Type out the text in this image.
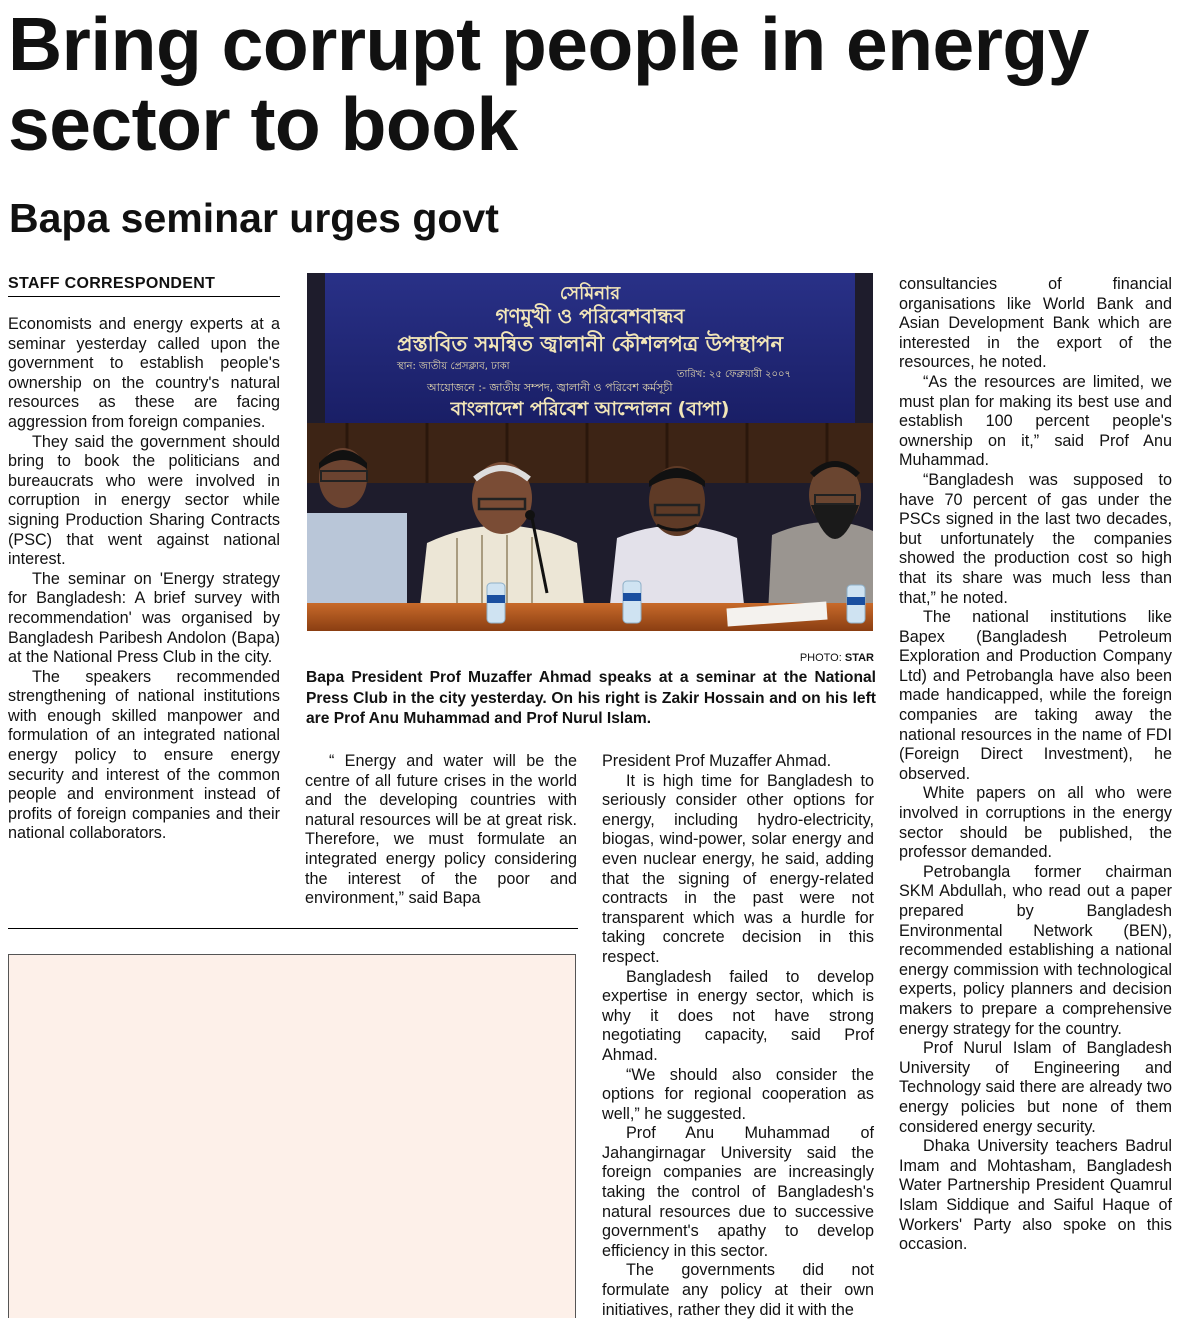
Bring corrupt people in energy sector to book
Bapa seminar urges govt
STAFF CORRESPONDENT

Economists and energy experts at a seminar yesterday called upon the government to establish people's ownership on the country's natural resources as these are facing aggression from foreign companies.

They said the government should bring to book the politicians and bureaucrats who were involved in corruption in energy sector while signing Production Sharing Contracts (PSC) that went against national interest.

The seminar on 'Energy strategy for Bangladesh: A brief survey with recommendation' was organised by Bangladesh Paribesh Andolon (Bapa) at the National Press Club in the city.

The speakers recommended strengthening of national institutions with enough skilled manpower and formulation of an integrated national energy policy to ensure energy security and interest of the common people and environment instead of profits of foreign companies and their national collaborators.

সেমিনার
গণমুখী ও পরিবেশবান্ধব
প্রস্তাবিত সমন্বিত জ্বালানী কৌশলপত্র উপস্থাপন
স্থান: জাতীয় প্রেসক্লাব, ঢাকা
তারিখ: ২৫ ফেব্রুয়ারী ২০০৭
আয়োজনে :- জাতীয় সম্পদ, জ্বালানী ও পরিবেশ কর্মসূচী
বাংলাদেশ পরিবেশ আন্দোলন (বাপা)
PHOTO: STAR
Bapa President Prof Muzaffer Ahmad speaks at a seminar at the National Press Club in the city yesterday. On his right is Zakir Hossain and on his left are Prof Anu Muhammad and Prof Nurul Islam.

“ Energy and water will be the centre of all future crises in the world and the developing countries with natural resources will be at great risk. Therefore, we must formulate an integrated energy policy considering the interest of the poor and environment,” said Bapa

President Prof Muzaffer Ahmad.

It is high time for Bangladesh to seriously consider other options for energy, including hydro-electricity, biogas, wind-power, solar energy and even nuclear energy, he said, adding that the signing of energy-related contracts in the past were not transparent which was a hurdle for taking concrete decision in this respect.

Bangladesh failed to develop expertise in energy sector, which is why it does not have strong negotiating capacity, said Prof Ahmad.

“We should also consider the options for regional cooperation as well,” he suggested.

Prof Anu Muhammad of Jahangirnagar University said the foreign companies are increasingly taking the control of Bangladesh's natural resources due to successive government's apathy to develop efficiency in this sector.

The governments did not formulate any policy at their own initiatives, rather they did it with the

consultancies of financial organisations like World Bank and Asian Development Bank which are interested in the export of the resources, he noted.

“As the resources are limited, we must plan for making its best use and establish 100 percent people's ownership on it,” said Prof Anu Muhammad.

“Bangladesh was supposed to have 70 percent of gas under the PSCs signed in the last two decades, but unfortunately the companies showed the production cost so high that its share was much less than that,” he noted.

The national institutions like Bapex (Bangladesh Petroleum Exploration and Production Company Ltd) and Petrobangla have also been made handicapped, while the foreign companies are taking away the national resources in the name of FDI (Foreign Direct Investment), he observed.

White papers on all who were involved in corruptions in the energy sector should be published, the professor demanded.

Petrobangla former chairman SKM Abdullah, who read out a paper prepared by Bangladesh Environmental Network (BEN), recommended establishing a national energy commission with technological experts, policy planners and decision makers to prepare a comprehensive energy strategy for the country.

Prof Nurul Islam of Bangladesh University of Engineering and Technology said there are already two energy policies but none of them considered energy security.

Dhaka University teachers Badrul Imam and Mohtasham, Bangladesh Water Partnership President Quamrul Islam Siddique and Saiful Haque of Workers' Party also spoke on this occasion.
